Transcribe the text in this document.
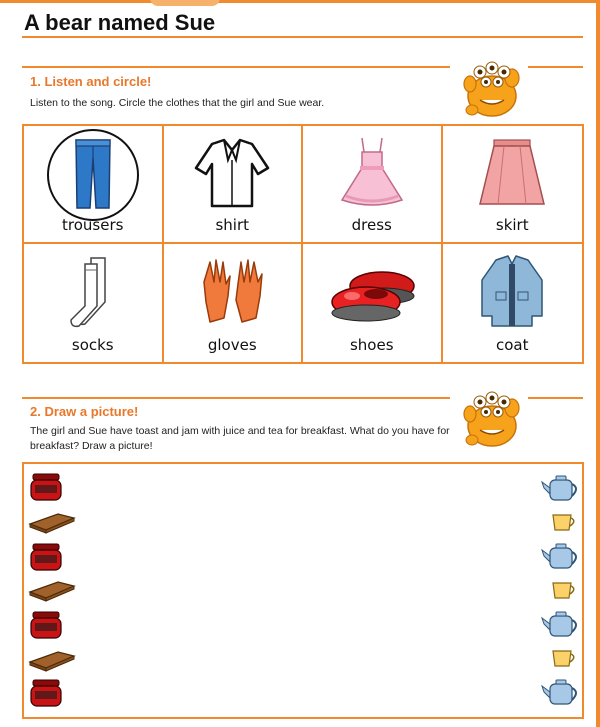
A bear named Sue
1. Listen and circle!
Listen to the song. Circle the clothes that the girl and Sue wear.
trousers	shirt	dress	skirt
socks	gloves	shoes	coat
2. Draw a picture!
The girl and Sue have toast and jam with juice and tea for breakfast. What do you have for breakfast? Draw a picture!
